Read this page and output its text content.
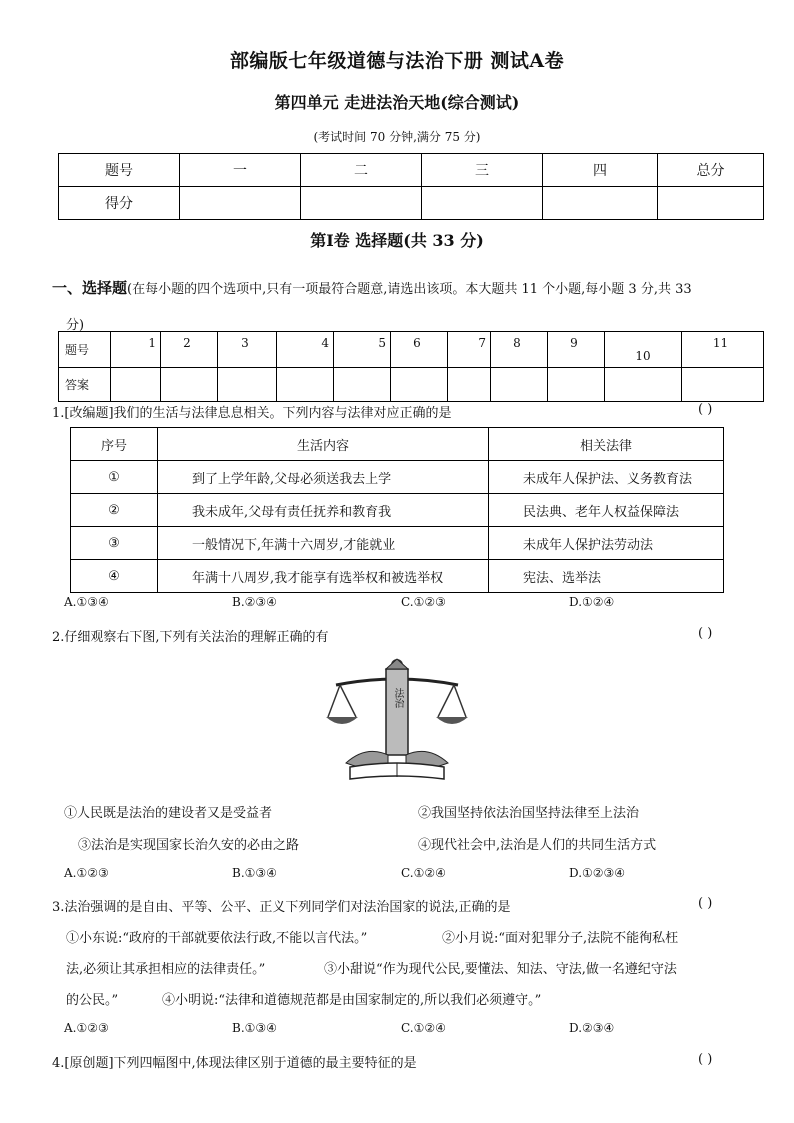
部编版七年级道德与法治下册 测试A卷
第四单元 走进法治天地(综合测试)
(考试时间 70 分钟,满分 75 分)
题号	一	二	三	四	总分
得分					
第Ⅰ卷 选择题(共 33 分)
一、选择题(在每小题的四个选项中,只有一项最符合题意,请选出该项。本大题共 11 个小题,每小题 3 分,共 33
分)
题号	1	2	3	4	5	6	7	8	9	10	11
答案											
1.[改编题]我们的生活与法律息息相关。下列内容与法律对应正确的是	( )
序号	生活内容	相关法律
①	到了上学年龄,父母必须送我去上学	未成年人保护法、义务教育法
②	我未成年,父母有责任抚养和教育我	民法典、老年人权益保障法
③	一般情况下,年满十六周岁,才能就业	未成年人保护法劳动法
④	年满十八周岁,我才能享有选举权和被选举权	宪法、选举法
A.①③④	B.②③④	C.①②③	D.①②④
2.仔细观察右下图,下列有关法治的理解正确的有	( )
法治
①人民既是法治的建设者又是受益者	②我国坚持依法治国坚持法律至上法治
③法治是实现国家长治久安的必由之路	④现代社会中,法治是人们的共同生活方式
A.①②③	B.①③④	C.①②④	D.①②③④
3.法治强调的是自由、平等、公平、正义下列同学们对法治国家的说法,正确的是	( )
①小东说:“政府的干部就要依法行政,不能以言代法。”	②小月说:“面对犯罪分子,法院不能徇私枉
法,必须让其承担相应的法律责任。”	③小甜说“作为现代公民,要懂法、知法、守法,做一名遵纪守法
的公民。”	④小明说:“法律和道德规范都是由国家制定的,所以我们必须遵守。”
A.①②③	B.①③④	C.①②④	D.②③④
4.[原创题]下列四幅图中,体现法律区别于道德的最主要特征的是	( )
